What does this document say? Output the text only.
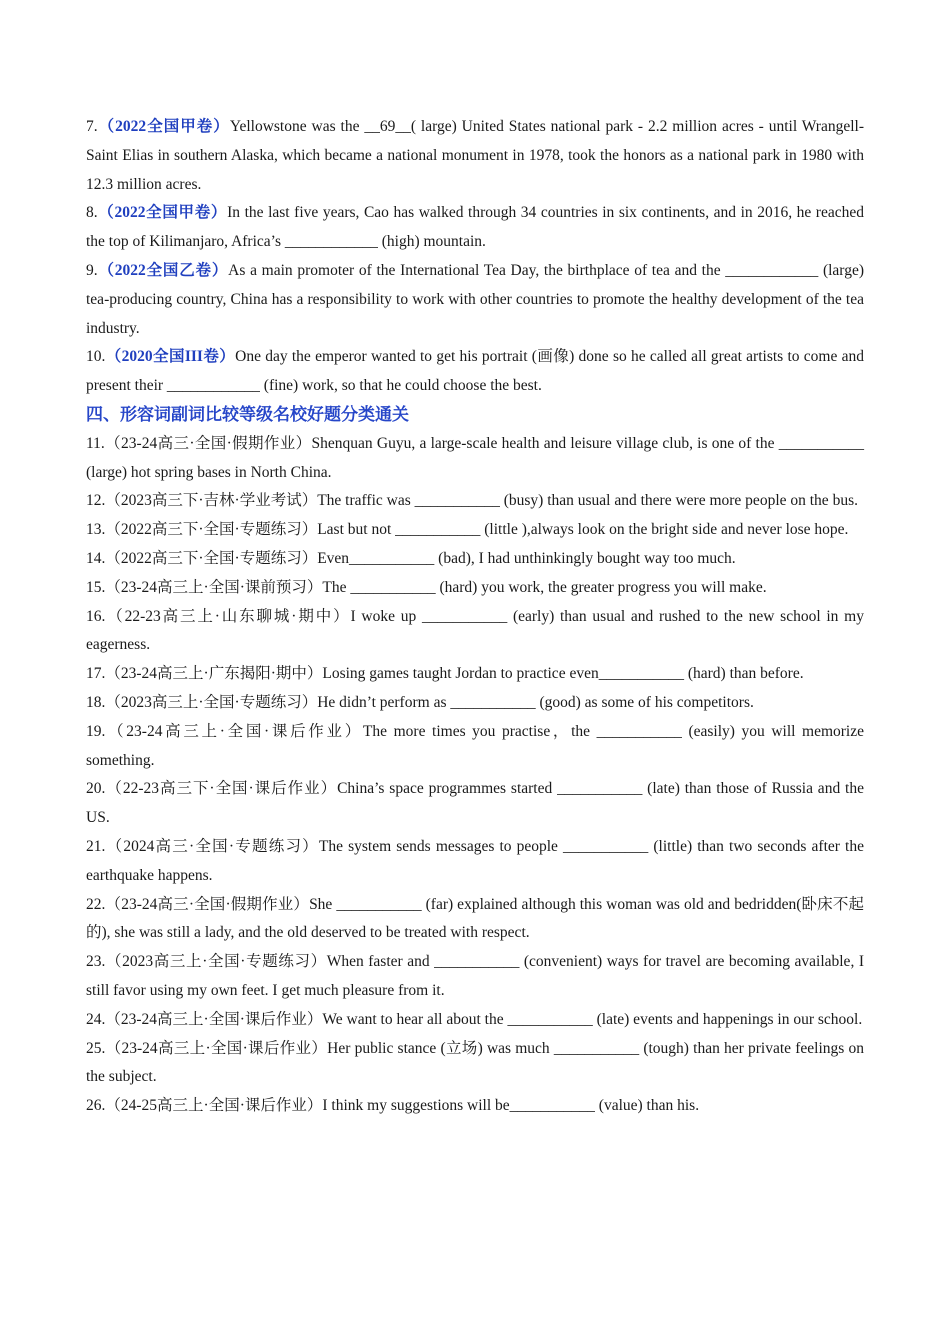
7.（2022全国甲卷）Yellowstone was the __69__( large) United States national park - 2.2 million acres - until Wrangell-Saint Elias in southern Alaska, which became a national monument in 1978, took the honors as a national park in 1980 with 12.3 million acres.

8.（2022全国甲卷）In the last five years, Cao has walked through 34 countries in six continents, and in 2016, he reached the top of Kilimanjaro, Africa’s ____________ (high) mountain.

9.（2022全国乙卷）As a main promoter of the International Tea Day, the birthplace of tea and the ____________ (large) tea-producing country, China has a responsibility to work with other countries to promote the healthy development of the tea industry.

10.（2020全国III卷）One day the emperor wanted to get his portrait (画像) done so he called all great artists to come and present their ____________ (fine) work, so that he could choose the best.

四、形容词副词比较等级名校好题分类通关

11.（23-24高三·全国·假期作业）Shenquan Guyu, a large-scale health and leisure village club, is one of the ___________ (large) hot spring bases in North China.

12.（2023高三下·吉林·学业考试）The traffic was ___________ (busy) than usual and there were more people on the bus.

13.（2022高三下·全国·专题练习）Last but not ___________ (little ),always look on the bright side and never lose hope.

14.（2022高三下·全国·专题练习）Even___________ (bad), I had unthinkingly bought way too much.

15.（23-24高三上·全国·课前预习）The ___________ (hard) you work, the greater progress you will make.

16.（22-23高三上·山东聊城·期中）I woke up ___________ (early) than usual and rushed to the new school in my eagerness.

17.（23-24高三上·广东揭阳·期中）Losing games taught Jordan to practice even___________ (hard) than before.

18.（2023高三上·全国·专题练习）He didn’t perform as ___________ (good) as some of his competitors.

19.（23-24高三上·全国·课后作业）The more times you practise，the ___________ (easily) you will memorize something.

20.（22-23高三下·全国·课后作业）China’s space programmes started ___________ (late) than those of Russia and the US.

21.（2024高三·全国·专题练习）The system sends messages to people ___________ (little) than two seconds after the earthquake happens.

22.（23-24高三·全国·假期作业）She ___________ (far) explained although this woman was old and bedridden(卧床不起的), she was still a lady, and the old deserved to be treated with respect.

23.（2023高三上·全国·专题练习）When faster and ___________ (convenient) ways for travel are becoming available, I still favor using my own feet. I get much pleasure from it.

24.（23-24高三上·全国·课后作业）We want to hear all about the ___________ (late) events and happenings in our school.

25.（23-24高三上·全国·课后作业）Her public stance (立场) was much ___________ (tough) than her private feelings on the subject.

26.（24-25高三上·全国·课后作业）I think my suggestions will be___________ (value) than his.
